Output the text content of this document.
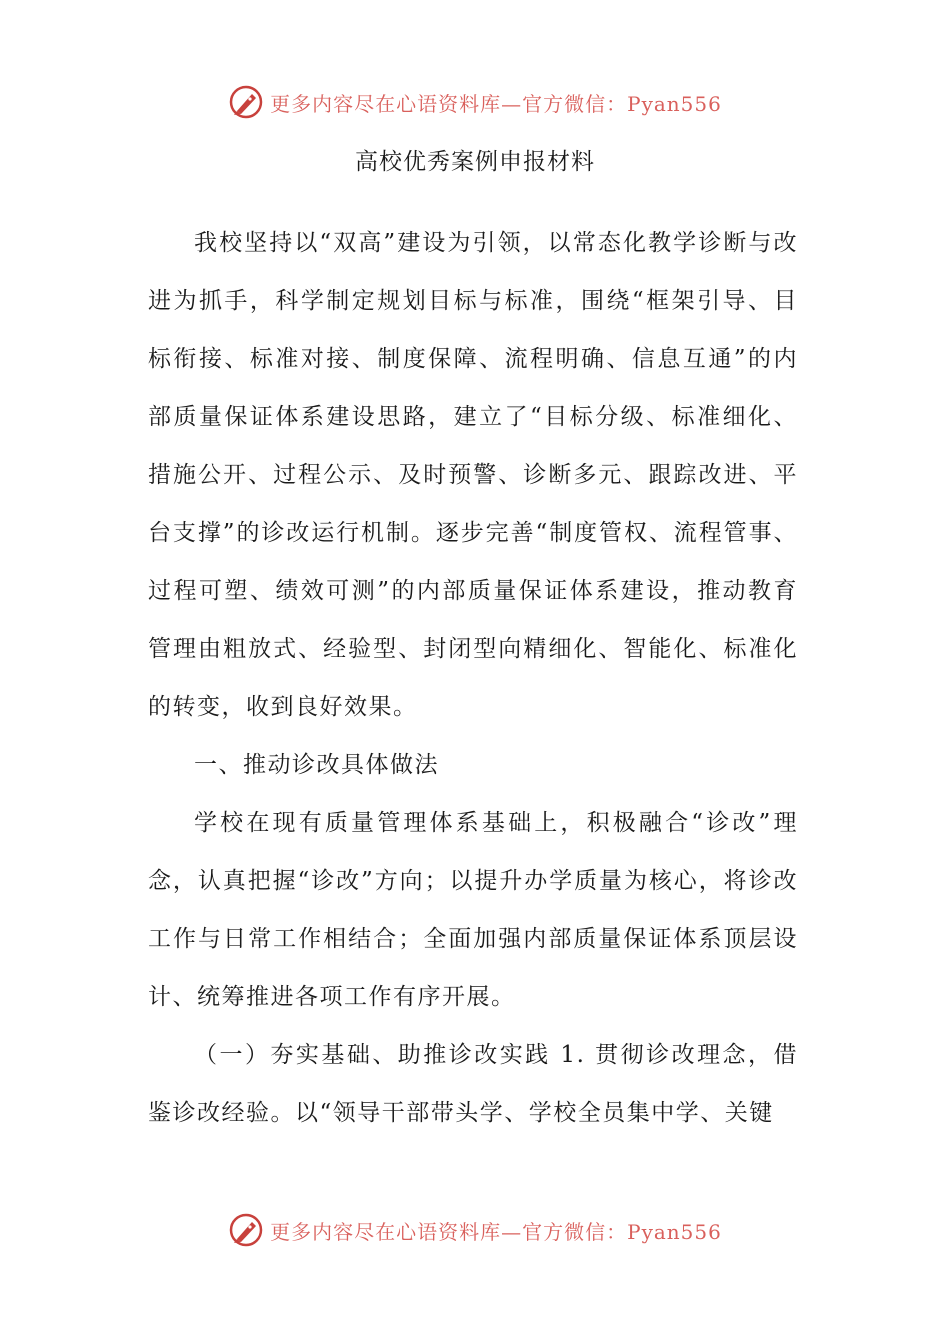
更多内容尽在心语资料库—官方微信：Pyan556
高校优秀案例申报材料

我校坚持以“双高”建设为引领，以常态化教学诊断与改进为抓手，科学制定规划目标与标准，围绕“框架引导、目标衔接、标准对接、制度保障、流程明确、信息互通”的内部质量保证体系建设思路，建立了“目标分级、标准细化、措施公开、过程公示、及时预警、诊断多元、跟踪改进、平台支撑”的诊改运行机制。逐步完善“制度管权、流程管事、过程可塑、绩效可测”的内部质量保证体系建设，推动教育管理由粗放式、经验型、封闭型向精细化、智能化、标准化的转变，收到良好效果。

一、推动诊改具体做法

学校在现有质量管理体系基础上，积极融合“诊改”理念，认真把握“诊改”方向；以提升办学质量为核心，将诊改工作与日常工作相结合；全面加强内部质量保证体系顶层设计、统筹推进各项工作有序开展。

（一）夯实基础、助推诊改实践 1. 贯彻诊改理念，借鉴诊改经验。以“领导干部带头学、学校全员集中学、关键

更多内容尽在心语资料库—官方微信：Pyan556
